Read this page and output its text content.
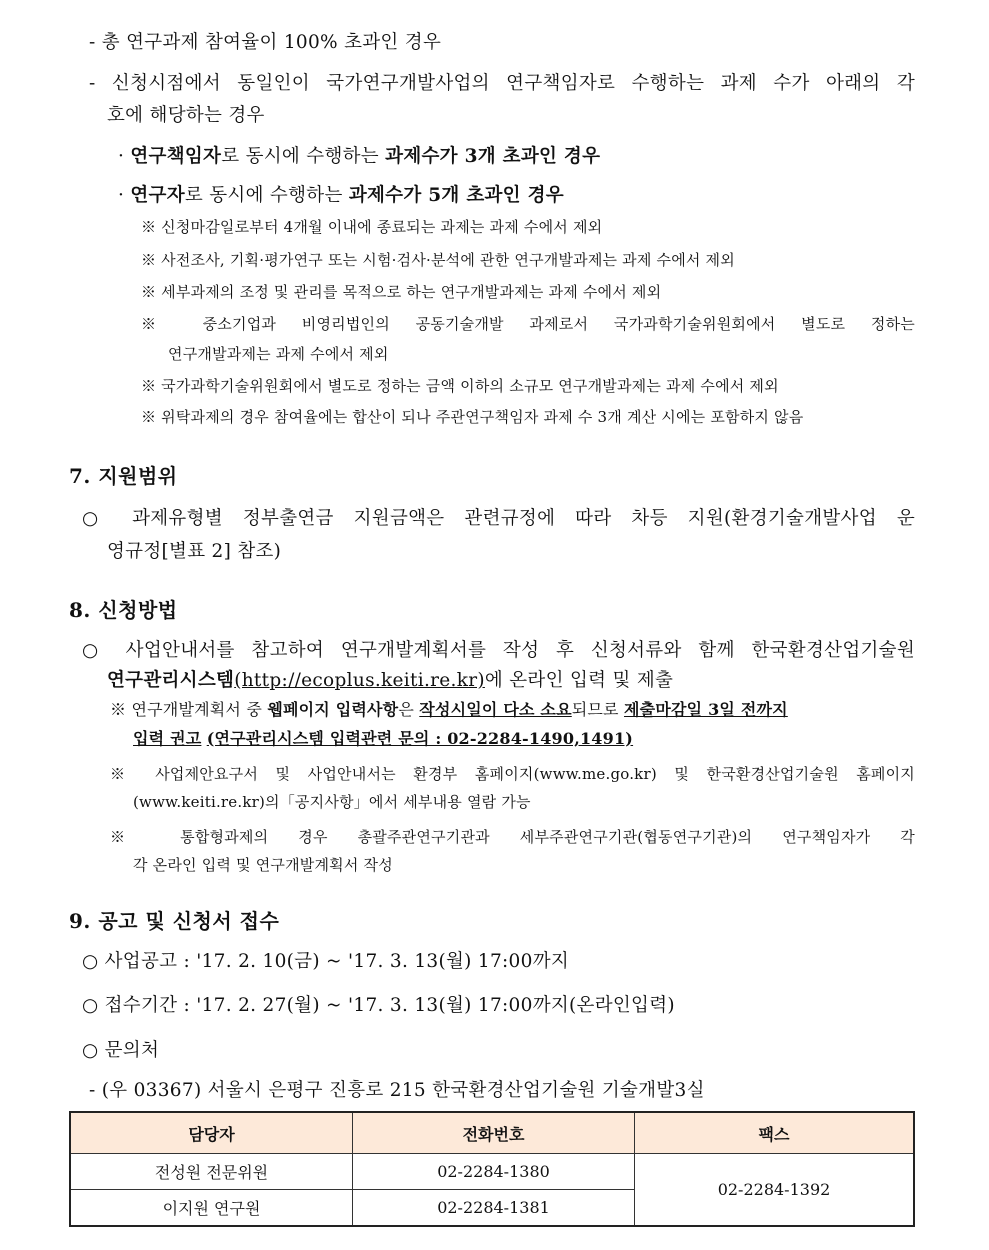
- 총 연구과제 참여율이 100% 초과인 경우
- 신청시점에서 동일인이 국가연구개발사업의 연구책임자로 수행하는 과제 수가 아래의 각
호에 해당하는 경우
· 연구책임자로 동시에 수행하는 과제수가 3개 초과인 경우
· 연구자로 동시에 수행하는 과제수가 5개 초과인 경우
※ 신청마감일로부터 4개월 이내에 종료되는 과제는 과제 수에서 제외
※ 사전조사, 기획·평가연구 또는 시험·검사·분석에 관한 연구개발과제는 과제 수에서 제외
※ 세부과제의 조정 및 관리를 목적으로 하는 연구개발과제는 과제 수에서 제외
※ 중소기업과 비영리법인의 공동기술개발 과제로서 국가과학기술위원회에서 별도로 정하는
연구개발과제는 과제 수에서 제외
※ 국가과학기술위원회에서 별도로 정하는 금액 이하의 소규모 연구개발과제는 과제 수에서 제외
※ 위탁과제의 경우 참여율에는 합산이 되나 주관연구책임자 과제 수 3개 계산 시에는 포함하지 않음
7. 지원범위
○ 과제유형별 정부출연금 지원금액은 관련규정에 따라 차등 지원(환경기술개발사업 운
영규정[별표 2] 참조)
8. 신청방법
○ 사업안내서를 참고하여 연구개발계획서를 작성 후 신청서류와 함께 한국환경산업기술원
연구관리시스템(http://ecoplus.keiti.re.kr)에 온라인 입력 및 제출
※ 연구개발계획서 중 웹페이지 입력사항은 작성시일이 다소 소요되므로 제출마감일 3일 전까지
입력 권고 (연구관리시스템 입력관련 문의 : 02-2284-1490,1491)
※ 사업제안요구서 및 사업안내서는 환경부 홈페이지(www.me.go.kr) 및 한국환경산업기술원 홈페이지
(www.keiti.re.kr)의「공지사항」에서 세부내용 열람 가능
※ 통합형과제의 경우 총괄주관연구기관과 세부주관연구기관(협동연구기관)의 연구책임자가 각
각 온라인 입력 및 연구개발계획서 작성
9. 공고 및 신청서 접수
○ 사업공고 : '17. 2. 10(금) ~ '17. 3. 13(월) 17:00까지
○ 접수기간 : '17. 2. 27(월) ~ '17. 3. 13(월) 17:00까지(온라인입력)
○ 문의처
- (우 03367) 서울시 은평구 진흥로 215 한국환경산업기술원 기술개발3실
담당자	전화번호	팩스
전성원 전문위원	02-2284-1380	02-2284-1392
이지원 연구원	02-2284-1381	
